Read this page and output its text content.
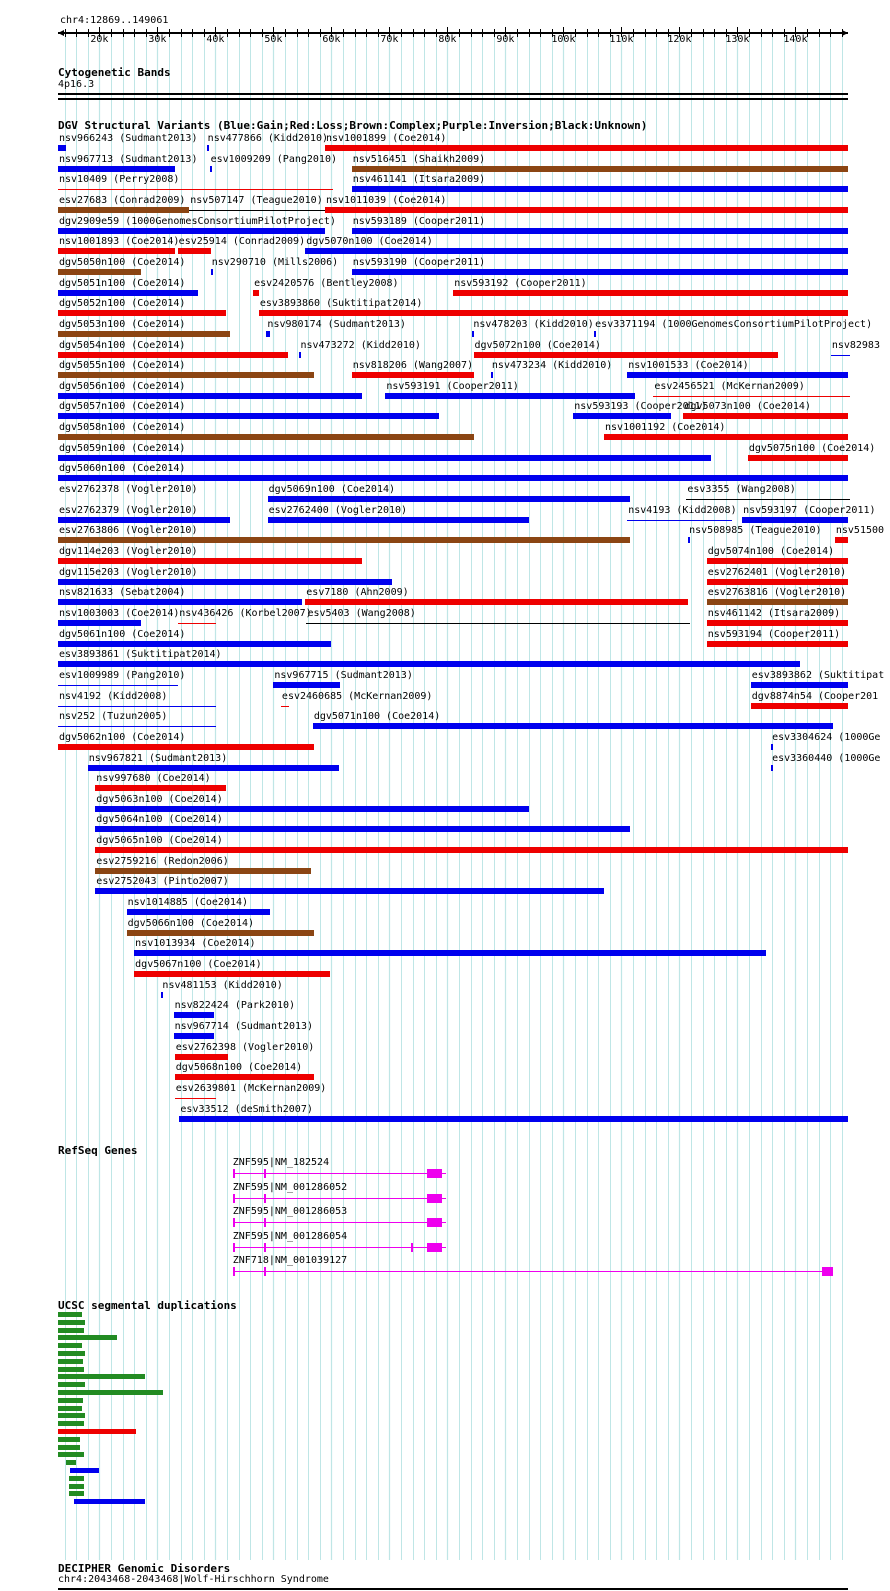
chr4:12869..149061
20k	30k	40k	50k	60k	70k	80k	90k	100k	110k	120k	130k	140k
Cytogenetic Bands
4p16.3
DGV Structural Variants (Blue:Gain;Red:Loss;Brown:Complex;Purple:Inversion;Black:Unknown)
nsv966243 (Sudmant2013) nsv477866 (Kidd2010)
nsv1001899 (Coe2014)
nsv967713 (Sudmant2013) esv1009209 (Pang2010) nsv516451 (Shaikh2009)
nsv10409 (Perry2008)	nsv461141 (Itsara2009)
esv27683 (Conrad2009) nsv507147 (Teague2010) nsv1011039 (Coe2014)
dgv2909e59 (1000GenomesConsortiumPilotProject) nsv593189 (Cooper2011)
nsv1001893 (Coe2014) esv25914 (Conrad2009) dgv5070n100 (Coe2014)
dgv5050n100 (Coe2014)	nsv290710 (Mills2006) nsv593190 (Cooper2011)
dgv5051n100 (Coe2014)	esv2420576 (Bentley2008)	nsv593192 (Cooper2011)
dgv5052n100 (Coe2014)	esv3893860 (Suktitipat2014)
dgv5053n100 (Coe2014)	nsv980174 (Sudmant2013)	nsv478203 (Kidd2010) esv3371194 (1000GenomesConsortiumPilotProject)
dgv5054n100 (Coe2014)	nsv473272 (Kidd2010)	dgv5072n100 (Coe2014)	nsv82983
dgv5055n100 (Coe2014)	nsv818206 (Wang2007) nsv473234 (Kidd2010) nsv1001533 (Coe2014)
dgv5056n100 (Coe2014)	nsv593191 (Cooper2011)	esv2456521 (McKernan2009)
dgv5057n100 (Coe2014)	nsv593193 (Cooper2011)
dgv5073n100 (Coe2014)
dgv5058n100 (Coe2014)	nsv1001192 (Coe2014)
dgv5059n100 (Coe2014)	dgv5075n100 (Coe2014)
dgv5060n100 (Coe2014)
esv2762378 (Vogler2010)	dgv5069n100 (Coe2014)	esv3355 (Wang2008)
esv2762379 (Vogler2010)	esv2762400 (Vogler2010)	nsv4193 (Kidd2008) nsv593197 (Cooper2011)
esv2763806 (Vogler2010)	nsv508985 (Teague2010) nsv51500
dgv114e203 (Vogler2010)	dgv5074n100 (Coe2014)
dgv115e203 (Vogler2010)	esv2762401 (Vogler2010)
nsv821633 (Sebat2004)	esv7180 (Ahn2009)	esv2763816 (Vogler2010)
nsv1003003 (Coe2014) nsv436426 (Korbel2007)
esv5403 (Wang2008)	nsv461142 (Itsara2009)
dgv5061n100 (Coe2014)	nsv593194 (Cooper2011)
esv3893861 (Suktitipat2014)
esv1009989 (Pang2010)	nsv967715 (Sudmant2013)	esv3893862 (Suktitipat
nsv4192 (Kidd2008)	esv2460685 (McKernan2009)	dgv8874n54 (Cooper201
nsv252 (Tuzun2005)	dgv5071n100 (Coe2014)
dgv5062n100 (Coe2014)	esv3304624 (1000Ge
nsv967821 (Sudmant2013)	esv3360440 (1000Ge
nsv997680 (Coe2014)
dgv5063n100 (Coe2014)
dgv5064n100 (Coe2014)
dgv5065n100 (Coe2014)
esv2759216 (Redon2006)
esv2752043 (Pinto2007)
nsv1014885 (Coe2014)
dgv5066n100 (Coe2014)
nsv1013934 (Coe2014)
dgv5067n100 (Coe2014)
nsv481153 (Kidd2010)
nsv822424 (Park2010)
nsv967714 (Sudmant2013)
esv2762398 (Vogler2010)
dgv5068n100 (Coe2014)
esv2639801 (McKernan2009)
esv33512 (deSmith2007)
RefSeq Genes
ZNF595|NM_182524
ZNF595|NM_001286052
ZNF595|NM_001286053
ZNF595|NM_001286054
ZNF718|NM_001039127
UCSC segmental duplications
DECIPHER Genomic Disorders
chr4:2043468-2043468|Wolf-Hirschhorn Syndrome
